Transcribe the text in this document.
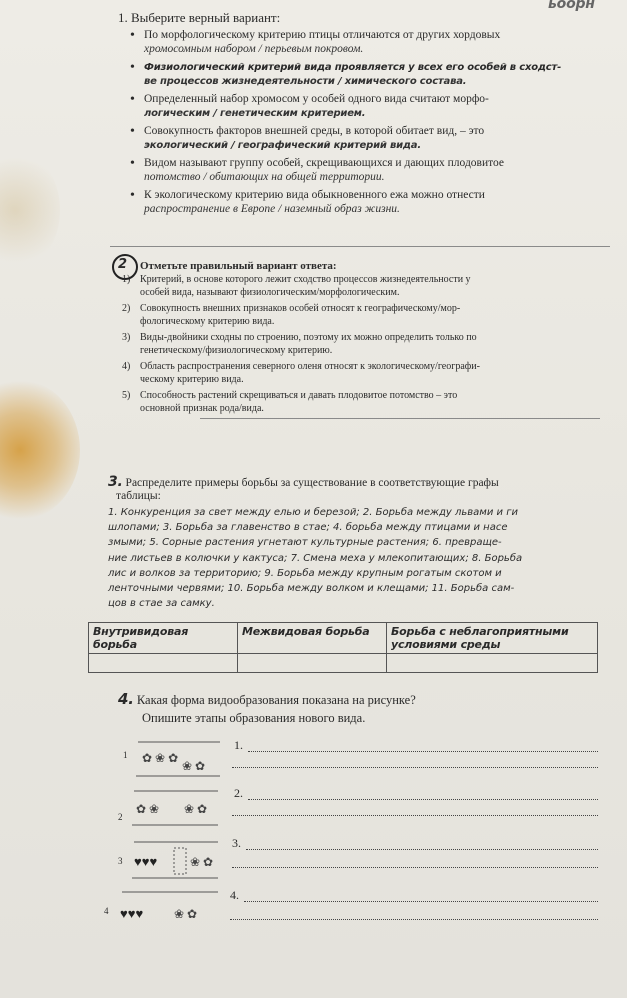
ьоорн
1. Выберите верный вариант:
• По морфологическому критерию птицы отличаются от других хордовых
хромосомным набором / перьевым покровом.
• Физиологический критерий вида проявляется у всех его особей в сходст-
ве процессов жизнедеятельности / химического состава.
• Определенный набор хромосом у особей одного вида считают морфо-
логическим / генетическим критерием.
• Совокупность факторов внешней среды, в которой обитает вид, – это
экологический / географический критерий вида.
• Видом называют группу особей, скрещивающихся и дающих плодовитое
потомство / обитающих на общей территории.
• К экологическому критерию вида обыкновенного ежа можно отнести
распространение в Европе / наземный образ жизни.
2 Отметьте правильный вариант ответа:
1) Критерий, в основе которого лежит сходство процессов жизнедеятельности у
особей вида, называют физиологическим/морфологическим.
2) Совокупность внешних признаков особей относят к географическому/мор-
фологическому критерию вида.
3) Виды-двойники сходны по строению, поэтому их можно определить только по
генетическому/физиологическому критерию.
4) Область распространения северного оленя относят к экологическому/географи-
ческому критерию вида.
5) Способность растений скрещиваться и давать плодовитое потомство – это
основной признак рода/вида.
3. Распределите примеры борьбы за существование в соответствующие графы
таблицы:
1. Конкуренция за свет между елью и березой; 2. Борьба между львами и ги
шлопами; 3. Борьба за главенство в стае; 4. борьба между птицами и насе
змыми; 5. Сорные растения угнетают культурные растения; 6. превраще-
ние листьев в колючки у кактуса; 7. Смена меха у млекопитающих; 8. Борьба
лис и волков за территорию; 9. Борьба между крупным рогатым скотом и
ленточными червями; 10. Борьба между волком и клещами; 11. Борьба сам-
цов в стае за самку.
Внутривидовая борьба	Межвидовая борьба	Борьба с неблагоприятными условиями среды

4. Какая форма видообразования показана на рисунке?
Опишите этапы образования нового вида.
1 ✿ ❀ ✿
❀ ✿
1.
2
✿ ❀ ❀ ✿
2.
3 ♥♥♥	❀ ✿
3.
4 ♥♥♥	❀ ✿
4.
